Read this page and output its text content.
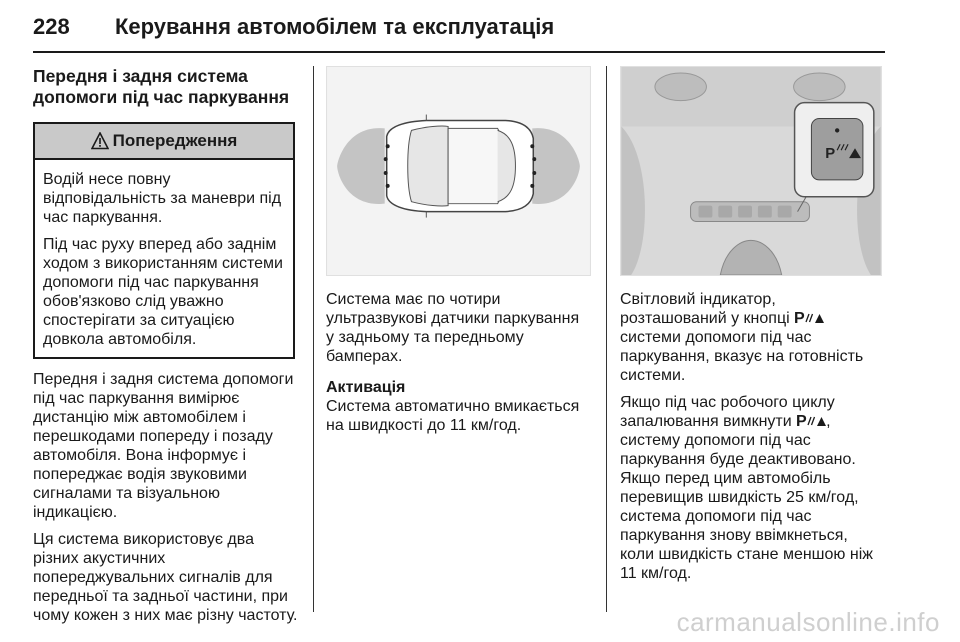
228 Керування автомобілем та експлуатація
Передня і задня система допомоги під час паркування
Попередження
Водій несе повну відповідальність за маневри під час паркування.
Під час руху вперед або заднім ходом з використанням системи допомоги під час паркування обов'язково слід уважно спостерігати за ситуацією довкола автомобіля.
Передня і задня система допомоги під час паркування вимірює дистанцію між автомобілем і перешкодами попереду і позаду автомобіля. Вона інформує і попереджає водія звуковими сигналами та візуальною індикацією.
Ця система використовує два різних акустичних попереджувальних сигналів для передньої та задньої частини, при чому кожен з них має різну частоту.
Система має по чотири ультразвукові датчики паркування у задньому та передньому бамперах.
Активація
Система автоматично вмикається на швидкості до 11 км/год.
P
Світловий індикатор, розташований у кнопці P
системи допомоги під час паркування, вказує на готовність системи.
Якщо під час робочого циклу запалювання вимкнути P , систему допомоги під час паркування буде деактивовано. Якщо перед цим автомобіль перевищив швидкість 25 км/год, система допомоги під час паркування знову ввімкнеться, коли швидкість стане меншою ніж 11 км/год.
carmanualsonline.info
